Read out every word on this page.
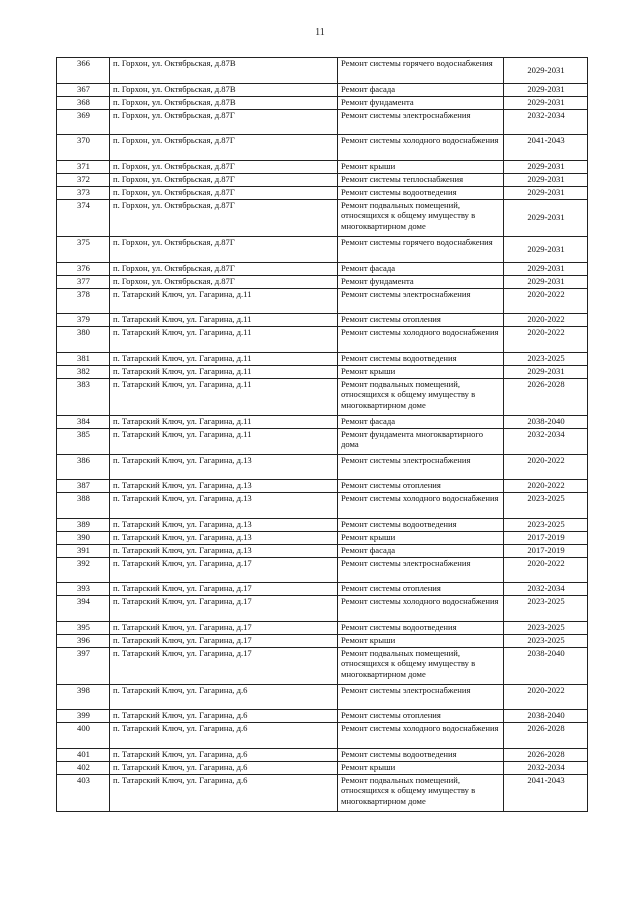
11
366	п. Горхон, ул. Октябрьская, д.87В	Ремонт системы горячего водоснабжения	2029-2031
367	п. Горхон, ул. Октябрьская, д.87В	Ремонт фасада	2029-2031
368	п. Горхон, ул. Октябрьская, д.87В	Ремонт фундамента	2029-2031
369	п. Горхон, ул. Октябрьская, д.87Г	Ремонт системы электроснабжения	2032-2034
370	п. Горхон, ул. Октябрьская, д.87Г	Ремонт системы холодного водоснабжения	2041-2043
371	п. Горхон, ул. Октябрьская, д.87Г	Ремонт крыши	2029-2031
372	п. Горхон, ул. Октябрьская, д.87Г	Ремонт системы теплоснабжения	2029-2031
373	п. Горхон, ул. Октябрьская, д.87Г	Ремонт системы водоотведения	2029-2031
374	п. Горхон, ул. Октябрьская, д.87Г	Ремонт подвальных помещений, относящихся к общему имуществу в многоквартирном доме	2029-2031
375	п. Горхон, ул. Октябрьская, д.87Г	Ремонт системы горячего водоснабжения	2029-2031
376	п. Горхон, ул. Октябрьская, д.87Г	Ремонт фасада	2029-2031
377	п. Горхон, ул. Октябрьская, д.87Г	Ремонт фундамента	2029-2031
378	п. Татарский Ключ, ул. Гагарина, д.11	Ремонт системы электроснабжения	2020-2022
379	п. Татарский Ключ, ул. Гагарина, д.11	Ремонт системы отопления	2020-2022
380	п. Татарский Ключ, ул. Гагарина, д.11	Ремонт системы холодного водоснабжения	2020-2022
381	п. Татарский Ключ, ул. Гагарина, д.11	Ремонт системы водоотведения	2023-2025
382	п. Татарский Ключ, ул. Гагарина, д.11	Ремонт крыши	2029-2031
383	п. Татарский Ключ, ул. Гагарина, д.11	Ремонт подвальных помещений, относящихся к общему имуществу в многоквартирном доме	2026-2028
384	п. Татарский Ключ, ул. Гагарина, д.11	Ремонт фасада	2038-2040
385	п. Татарский Ключ, ул. Гагарина, д.11	Ремонт фундамента многоквартирного дома	2032-2034
386	п. Татарский Ключ, ул. Гагарина, д.13	Ремонт системы электроснабжения	2020-2022
387	п. Татарский Ключ, ул. Гагарина, д.13	Ремонт системы отопления	2020-2022
388	п. Татарский Ключ, ул. Гагарина, д.13	Ремонт системы холодного водоснабжения	2023-2025
389	п. Татарский Ключ, ул. Гагарина, д.13	Ремонт системы водоотведения	2023-2025
390	п. Татарский Ключ, ул. Гагарина, д.13	Ремонт крыши	2017-2019
391	п. Татарский Ключ, ул. Гагарина, д.13	Ремонт фасада	2017-2019
392	п. Татарский Ключ, ул. Гагарина, д.17	Ремонт системы электроснабжения	2020-2022
393	п. Татарский Ключ, ул. Гагарина, д.17	Ремонт системы отопления	2032-2034
394	п. Татарский Ключ, ул. Гагарина, д.17	Ремонт системы холодного водоснабжения	2023-2025
395	п. Татарский Ключ, ул. Гагарина, д.17	Ремонт системы водоотведения	2023-2025
396	п. Татарский Ключ, ул. Гагарина, д.17	Ремонт крыши	2023-2025
397	п. Татарский Ключ, ул. Гагарина, д.17	Ремонт подвальных помещений, относящихся к общему имуществу в многоквартирном доме	2038-2040
398	п. Татарский Ключ, ул. Гагарина, д.6	Ремонт системы электроснабжения	2020-2022
399	п. Татарский Ключ, ул. Гагарина, д.6	Ремонт системы отопления	2038-2040
400	п. Татарский Ключ, ул. Гагарина, д.6	Ремонт системы холодного водоснабжения	2026-2028
401	п. Татарский Ключ, ул. Гагарина, д.6	Ремонт системы водоотведения	2026-2028
402	п. Татарский Ключ, ул. Гагарина, д.6	Ремонт крыши	2032-2034
403	п. Татарский Ключ, ул. Гагарина, д.6	Ремонт подвальных помещений, относящихся к общему имуществу в многоквартирном доме	2041-2043
